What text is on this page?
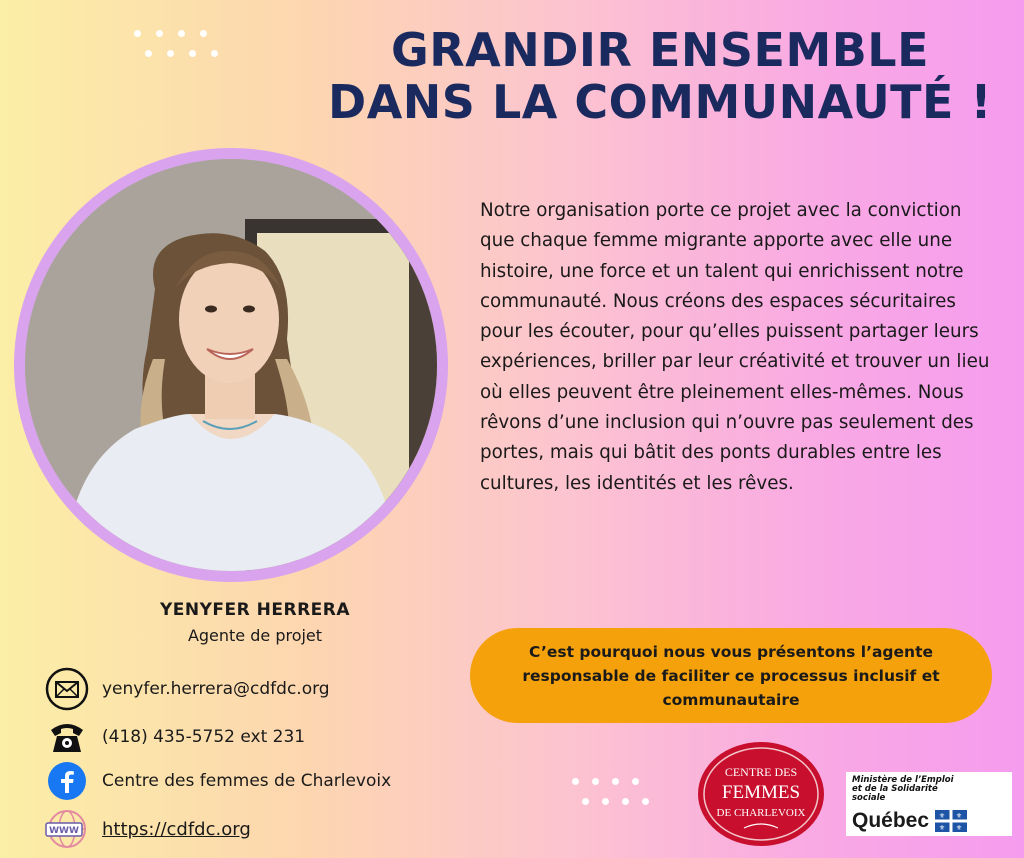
GRANDIR ENSEMBLE
DANS LA COMMUNAUTÉ !

Notre organisation porte ce projet avec la conviction que chaque femme migrante apporte avec elle une histoire, une force et un talent qui enrichissent notre communauté. Nous créons des espaces sécuritaires pour les écouter, pour qu’elles puissent partager leurs expériences, briller par leur créativité et trouver un lieu où elles peuvent être pleinement elles-mêmes. Nous rêvons d’une inclusion qui n’ouvre pas seulement des portes, mais qui bâtit des ponts durables entre les cultures, les identités et les rêves.

YENYFER HERRERA
Agente de projet
C’est pourquoi nous vous présentons l’agente responsable de faciliter ce processus inclusif et communautaire
yenyfer.herrera@cdfdc.org
(418) 435-5752 ext 231
Centre des femmes de Charlevoix
WWW https://cdfdc.org
CENTRE DES
FEMMES
DE CHARLEVOIX
Ministère de l’Emploi et de la Solidarité sociale
Québec ⚜ ⚜
⚜ ⚜
